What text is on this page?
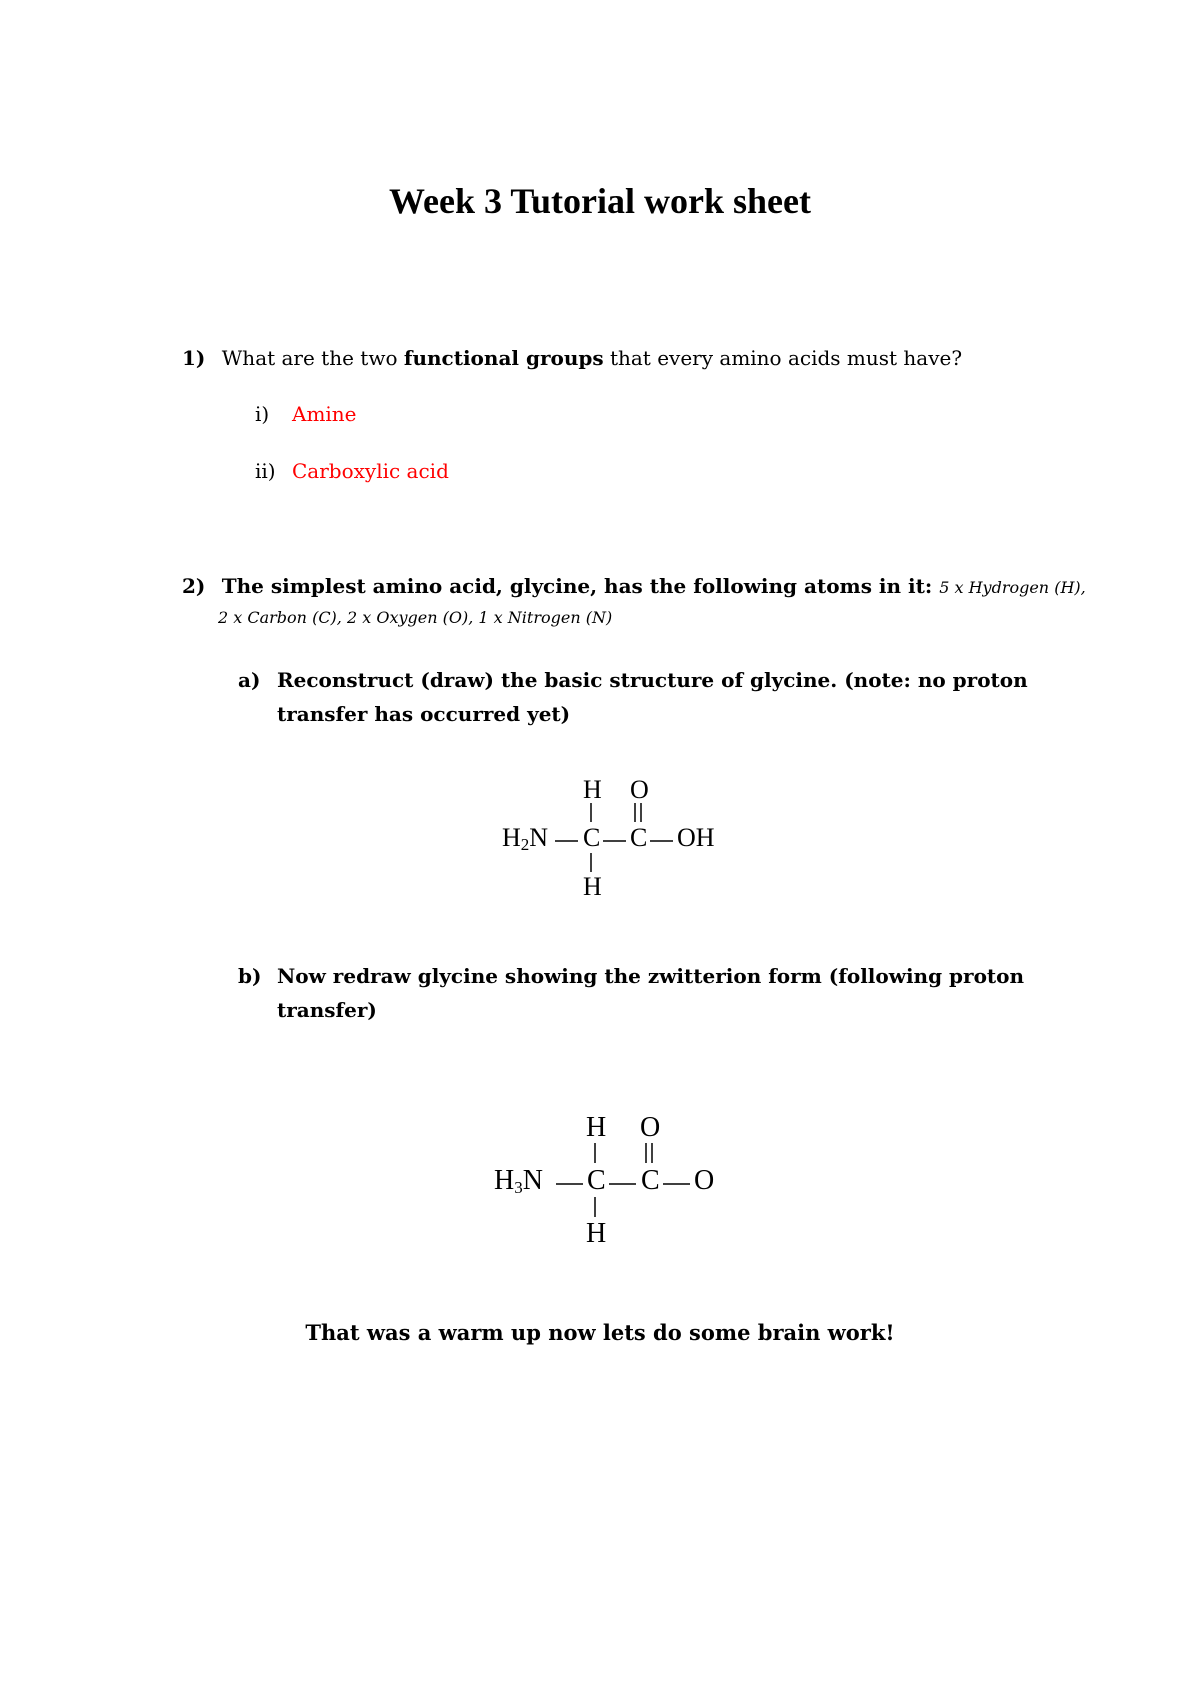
Week 3 Tutorial work sheet
1) What are the two functional groups that every amino acids must have?
i) Amine
ii) Carboxylic acid
2) The simplest amino acid, glycine, has the following atoms in it: 5 x Hydrogen (H),
2 x Carbon (C), 2 x Oxygen (O), 1 x Nitrogen (N)
a) Reconstruct (draw) the basic structure of glycine. (note: no proton
transfer has occurred yet)
H O
$H_2N$ C C OH
H
b) Now redraw glycine showing the zwitterion form (following proton
transfer)
H O
$H_3N$ C C O
H
That was a warm up now lets do some brain work!
